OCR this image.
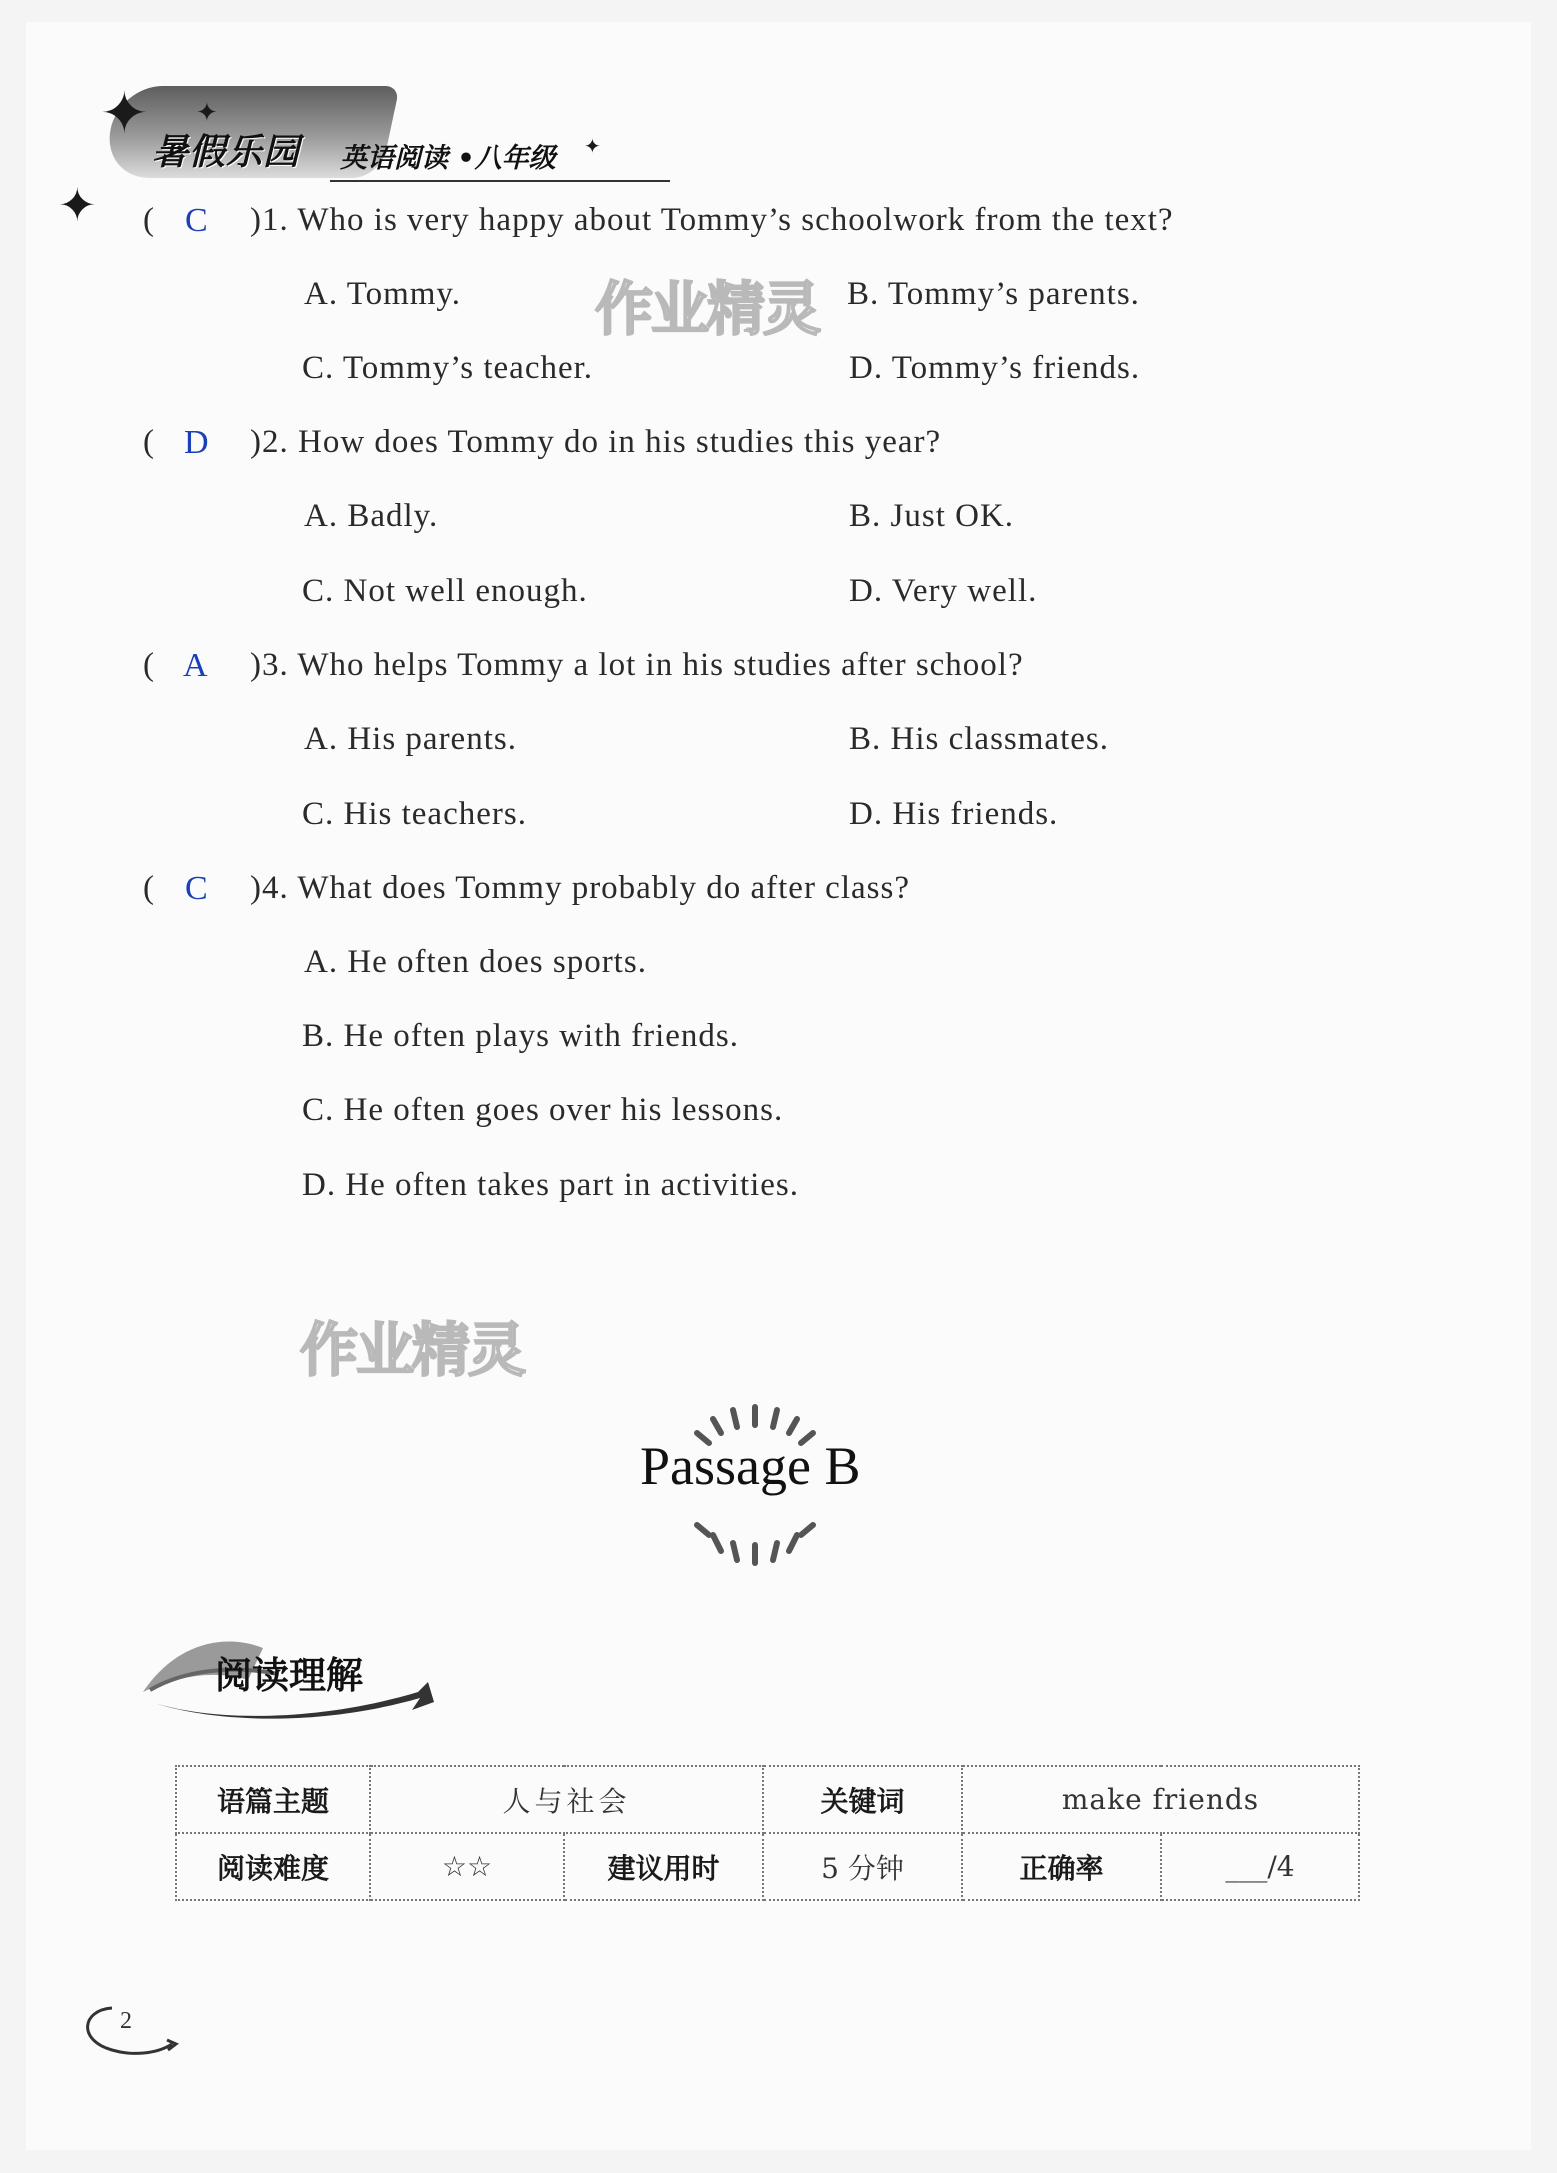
暑假乐园 英语阅读 •八年级
✦ ✦
✦
✦
( C )1. Who is very happy about Tommy’s schoolwork from the text?
A. Tommy.	B. Tommy’s parents.
C. Tommy’s teacher.	D. Tommy’s friends.
( D )2. How does Tommy do in his studies this year?
A. Badly.	B. Just OK.
C. Not well enough.	D. Very well.
( A )3. Who helps Tommy a lot in his studies after school?
A. His parents.	B. His classmates.
C. His teachers.	D. His friends.
( C )4. What does Tommy probably do after class?
A. He often does sports.
B. He often plays with friends.
C. He often goes over his lessons.
D. He often takes part in activities.
作业精灵
作业精灵
Passage B
阅读理解
语篇主题	人与社会		关键词	make friends	
阅读难度	☆☆	建议用时	5 分钟	正确率	___/4
2
